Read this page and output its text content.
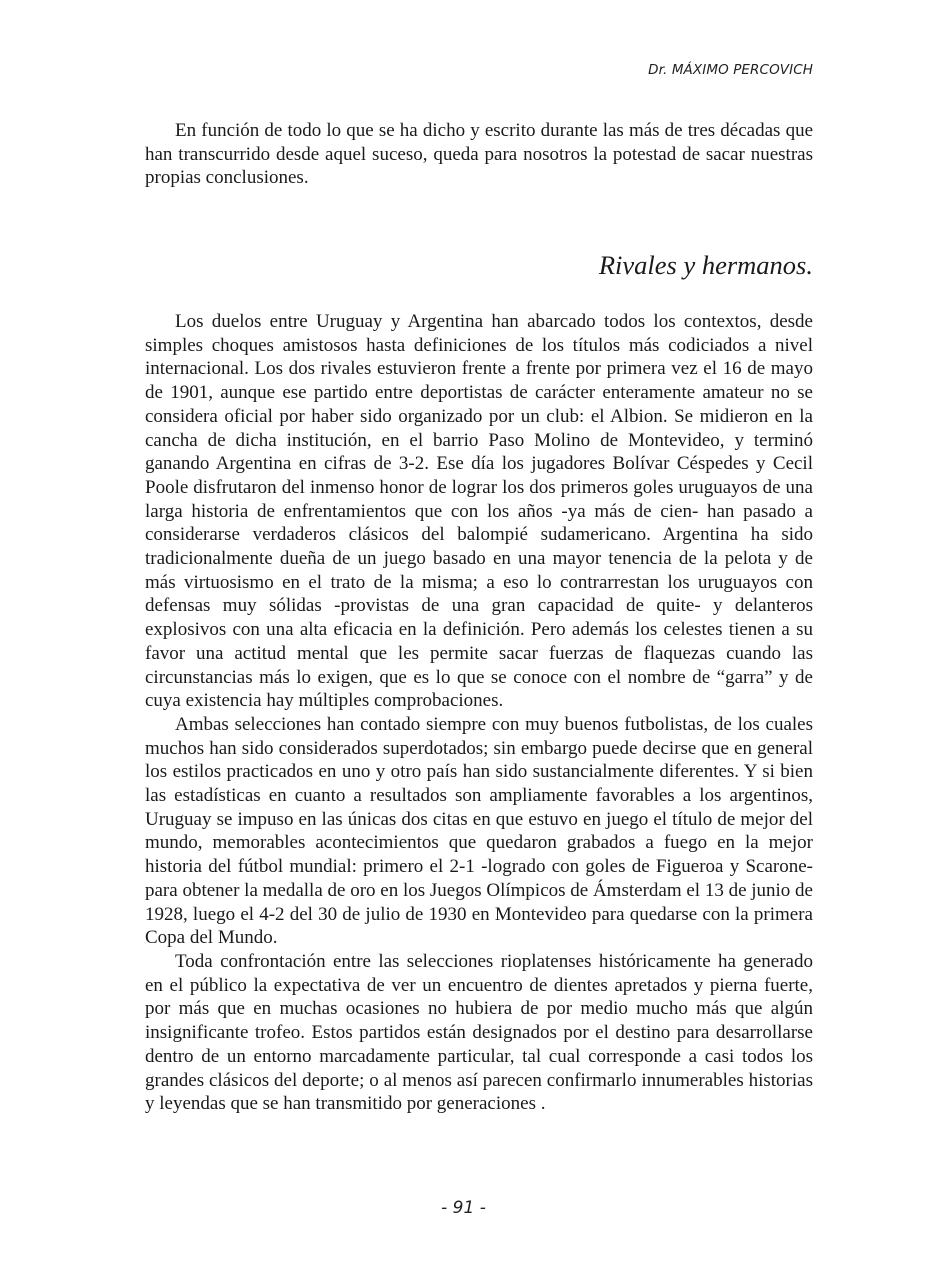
Dr. MÁXIMO PERCOVICH

En función de todo lo que se ha dicho y escrito durante las más de tres décadas que han transcurrido desde aquel suceso, queda para nosotros la potestad de sacar nuestras propias conclusiones.

Rivales y hermanos.

Los duelos entre Uruguay y Argentina han abarcado todos los contextos, desde simples choques amistosos hasta definiciones de los títulos más codiciados a nivel internacional. Los dos rivales estuvieron frente a frente por primera vez el 16 de mayo de 1901, aunque ese partido entre deportistas de carácter enteramente amateur no se considera oficial por haber sido organizado por un club: el Albion. Se midieron en la cancha de dicha institución, en el barrio Paso Molino de Montevideo, y terminó ganando Argentina en cifras de 3-2. Ese día los jugadores Bolívar Céspedes y Cecil Poole disfrutaron del inmenso honor de lograr los dos primeros goles uruguayos de una larga historia de enfrentamientos que con los años -ya más de cien- han pasado a considerarse verdaderos clásicos del balompié sudamericano. Argentina ha sido tradicionalmente dueña de un juego basado en una mayor tenencia de la pelota y de más virtuosismo en el trato de la misma; a eso lo contrarrestan los uruguayos con defensas muy sólidas -provistas de una gran capacidad de quite- y delanteros explosivos con una alta eficacia en la definición. Pero además los celestes tienen a su favor una actitud mental que les permite sacar fuerzas de flaquezas cuando las circunstancias más lo exigen, que es lo que se conoce con el nombre de “garra” y de cuya existencia hay múltiples comprobaciones.

Ambas selecciones han contado siempre con muy buenos futbolistas, de los cuales muchos han sido considerados superdotados; sin embargo puede decirse que en general los estilos practicados en uno y otro país han sido sustancialmente diferentes. Y si bien las estadísticas en cuanto a resultados son ampliamente favorables a los argentinos, Uruguay se impuso en las únicas dos citas en que estuvo en juego el título de mejor del mundo, memorables acontecimientos que quedaron grabados a fuego en la mejor historia del fútbol mundial: primero el 2-1 -logrado con goles de Figueroa y Scarone- para obtener la medalla de oro en los Juegos Olímpicos de Ámsterdam el 13 de junio de 1928, luego el 4-2 del 30 de julio de 1930 en Montevideo para quedarse con la primera Copa del Mundo.

Toda confrontación entre las selecciones rioplatenses históricamente ha generado en el público la expectativa de ver un encuentro de dientes apretados y pierna fuerte, por más que en muchas ocasiones no hubiera de por medio mucho más que algún insignificante trofeo. Estos partidos están designados por el destino para desarrollarse dentro de un entorno marcadamente particular, tal cual corresponde a casi todos los grandes clásicos del deporte; o al menos así parecen confirmarlo innumerables historias y leyendas que se han transmitido por generaciones .

- 91 -
